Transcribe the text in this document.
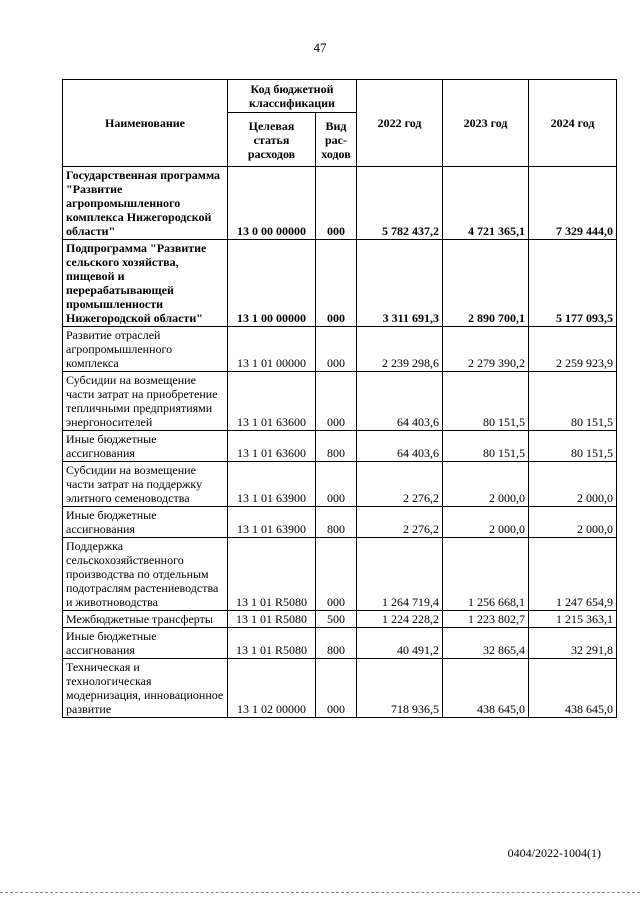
47
Наименование	Код бюджетной классификации		2022 год	2023 год	2024 год
	Целевая статья расходов	Вид рас-ходов			
Государственная программа "Развитие агропромышленного комплекса Нижегородской области"	13 0 00 00000	000	5 782 437,2	4 721 365,1	7 329 444,0
Подпрограмма "Развитие сельского хозяйства, пищевой и перерабатывающей промышленности Нижегородской области"	13 1 00 00000	000	3 311 691,3	2 890 700,1	5 177 093,5
Развитие отраслей агропромышленного комплекса	13 1 01 00000	000	2 239 298,6	2 279 390,2	2 259 923,9
Субсидии на возмещение части затрат на приобретение тепличными предприятиями энергоносителей	13 1 01 63600	000	64 403,6	80 151,5	80 151,5
Иные бюджетные ассигнования	13 1 01 63600	800	64 403,6	80 151,5	80 151,5
Субсидии на возмещение части затрат на поддержку элитного семеноводства	13 1 01 63900	000	2 276,2	2 000,0	2 000,0
Иные бюджетные ассигнования	13 1 01 63900	800	2 276,2	2 000,0	2 000,0
Поддержка сельскохозяйственного производства по отдельным подотраслям растениеводства и животноводства	13 1 01 R5080	000	1 264 719,4	1 256 668,1	1 247 654,9
Межбюджетные трансферты	13 1 01 R5080	500	1 224 228,2	1 223 802,7	1 215 363,1
Иные бюджетные ассигнования	13 1 01 R5080	800	40 491,2	32 865,4	32 291,8
Техническая и технологическая модернизация, инновационное развитие	13 1 02 00000	000	718 936,5	438 645,0	438 645,0
0404/2022-1004(1)
